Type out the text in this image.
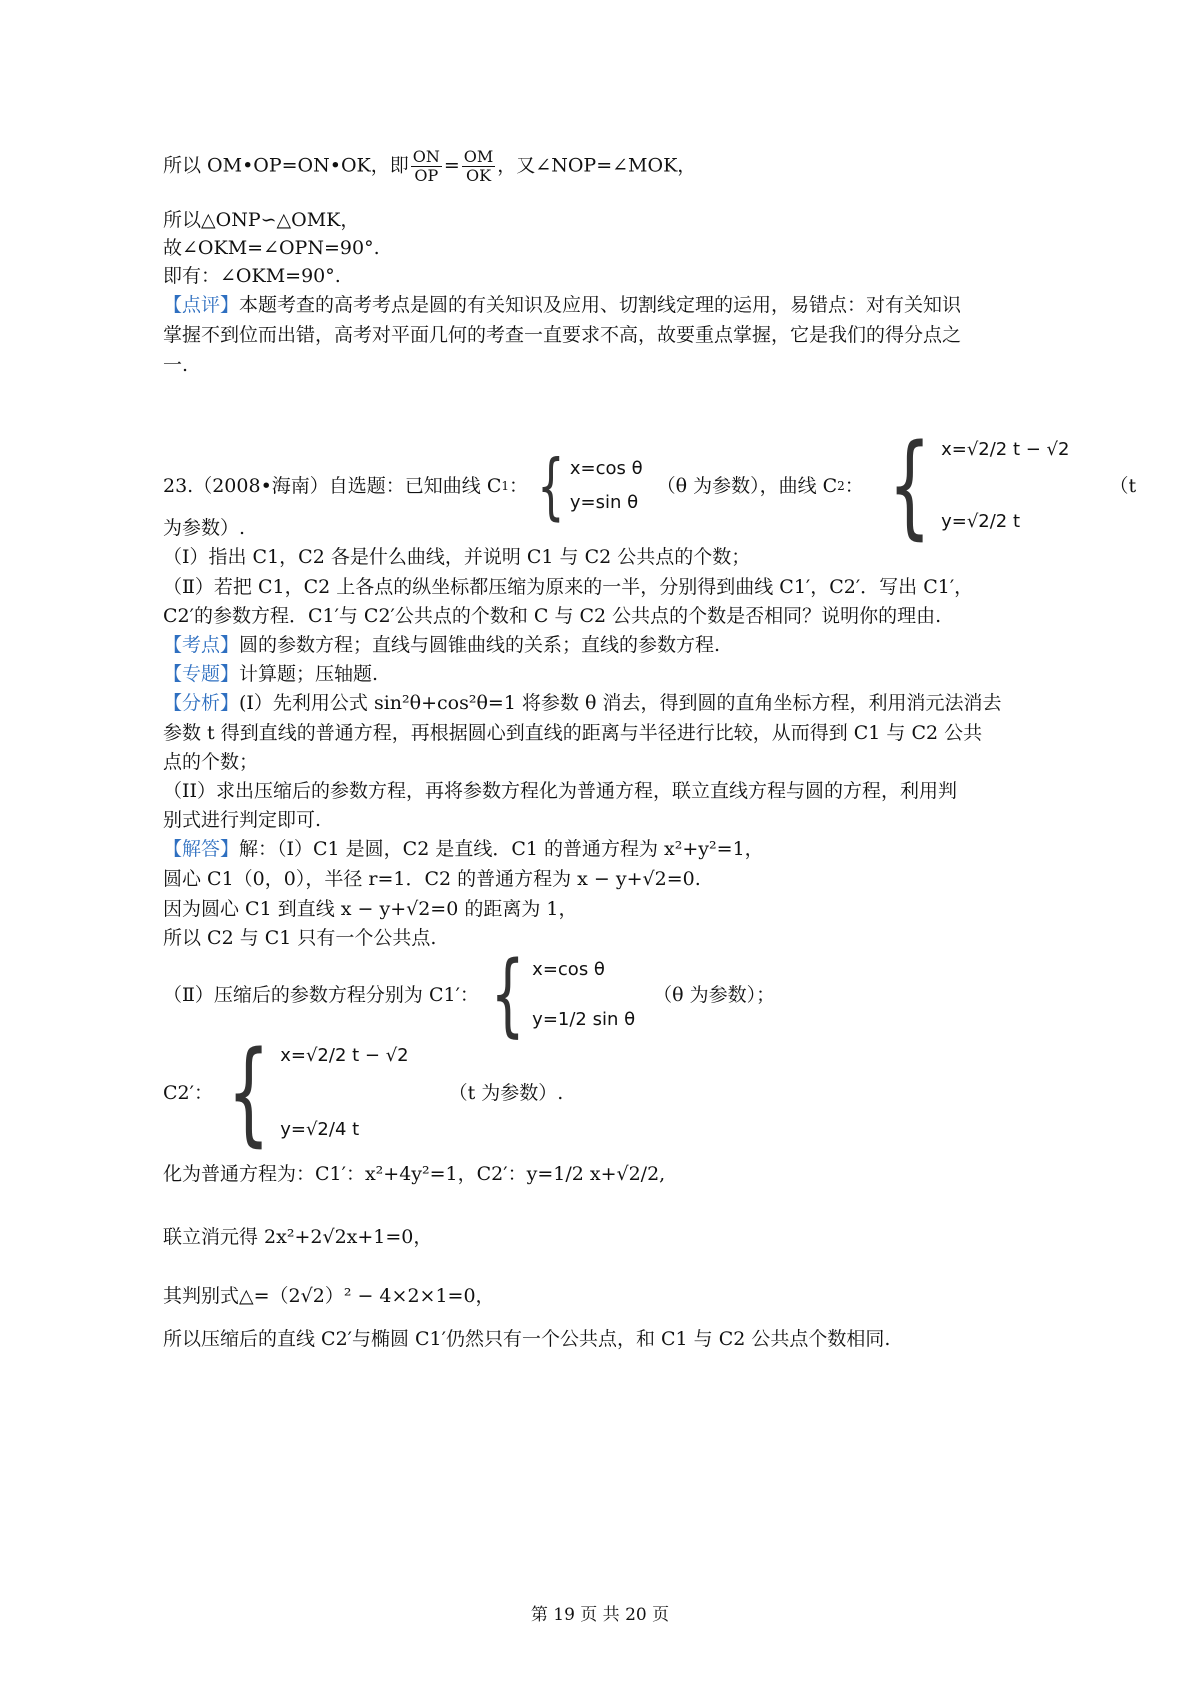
所以 OM•OP=ON•OK，即 $\frac{ON}{OP} = \frac{OM}{OK}$ ，又∠NOP=∠MOK，
所以△ONP∽△OMK，
故∠OKM=∠OPN=90°.
即有：∠OKM=90°.
【点评】本题考查的高考考点是圆的有关知识及应用、切割线定理的运用，易错点：对有关知识
掌握不到位而出错，高考对平面几何的考查一直要求不高，故要重点掌握，它是我们的得分点之
一.
23.（2008•海南）自选题：已知曲线 C 1 ： { x=cos θ
y=sin θ
（θ 为参数），曲线 C 2 ： { x=√2/2 t − √2
y=√2/2 t
（t
为参数）.
（Ⅰ）指出 C1，C2 各是什么曲线，并说明 C1 与 C2 公共点的个数；
（Ⅱ）若把 C1，C2 上各点的纵坐标都压缩为原来的一半，分别得到曲线 C1′，C2′．写出 C1′，
C2′的参数方程．C1′与 C2′公共点的个数和 C 与 C2 公共点的个数是否相同？说明你的理由.
【考点】圆的参数方程；直线与圆锥曲线的关系；直线的参数方程.
【专题】计算题；压轴题.
【分析】(I）先利用公式 sin²θ+cos²θ=1 将参数 θ 消去，得到圆的直角坐标方程，利用消元法消去
参数 t 得到直线的普通方程，再根据圆心到直线的距离与半径进行比较，从而得到 C1 与 C2 公共
点的个数；
（II）求出压缩后的参数方程，再将参数方程化为普通方程，联立直线方程与圆的方程，利用判
别式进行判定即可.
【解答】解：（Ⅰ）C1 是圆，C2 是直线．C1 的普通方程为 x²+y²=1，
圆心 C1（0，0），半径 r=1．C2 的普通方程为 x − y+√2=0.
因为圆心 C1 到直线 x − y+√2=0 的距离为 1，
所以 C2 与 C1 只有一个公共点.
（Ⅱ）压缩后的参数方程分别为 C1′： { x=cos θ
y=1/2 sin θ
（θ 为参数）；
C2′： { x=√2/2 t − √2
y=√2/4 t
（t 为参数）.
化为普通方程为：C1′：x²+4y²=1，C2′：y=1/2 x+√2/2,
联立消元得 2x²+2√2x+1=0，
其判别式△=（2√2）² − 4×2×1=0，
所以压缩后的直线 C2′与椭圆 C1′仍然只有一个公共点，和 C1 与 C2 公共点个数相同.
第 19 页 共 20 页
